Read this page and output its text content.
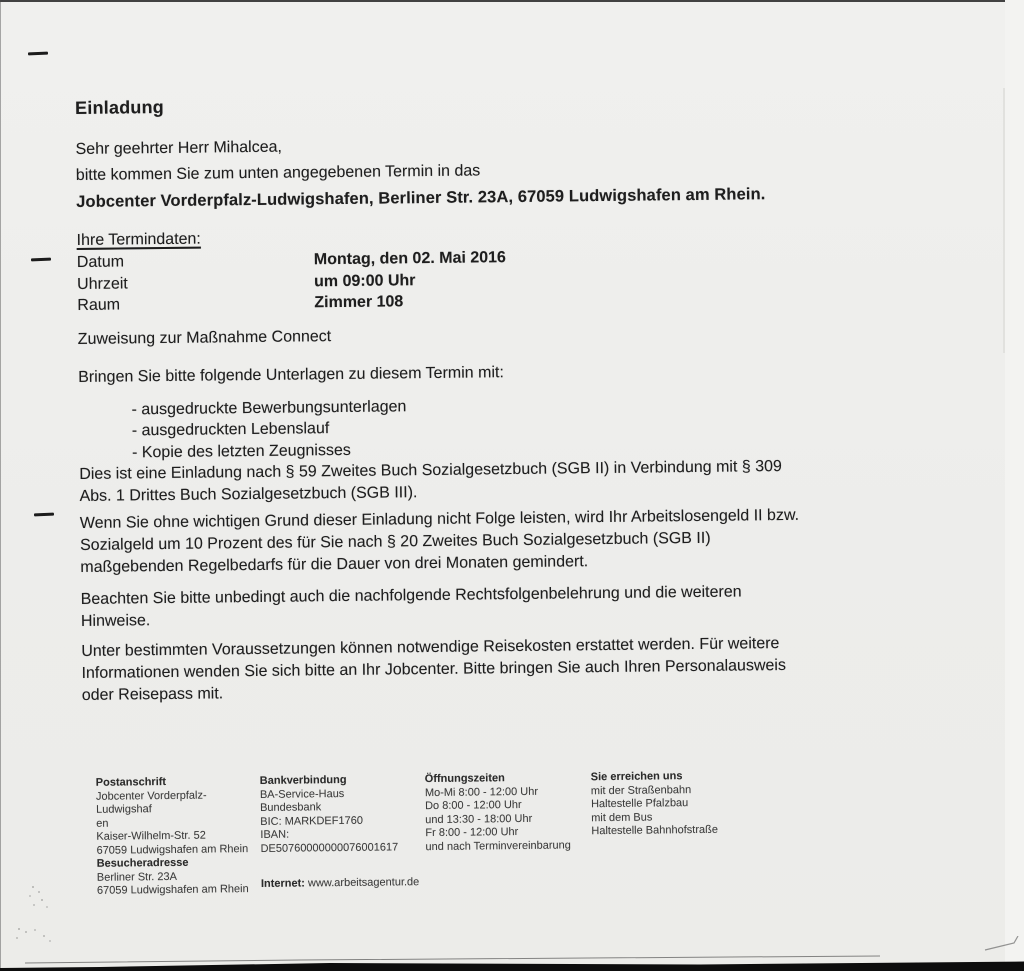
Einladung

Sehr geehrter Herr Mihalcea,

bitte kommen Sie zum unten angegebenen Termin in das

Jobcenter Vorderpfalz-Ludwigshafen, Berliner Str. 23A, 67059 Ludwigshafen am Rhein.

Ihre Termindaten:

Datum	Montag, den 02. Mai 2016
Uhrzeit	um 09:00 Uhr
Raum	Zimmer 108

Zuweisung zur Maßnahme Connect

Bringen Sie bitte folgende Unterlagen zu diesem Termin mit:

- ausgedruckte Bewerbungsunterlagen

- ausgedruckten Lebenslauf

- Kopie des letzten Zeugnisses

Dies ist eine Einladung nach § 59 Zweites Buch Sozialgesetzbuch (SGB II) in Verbindung mit § 309
Abs. 1 Drittes Buch Sozialgesetzbuch (SGB III).

Wenn Sie ohne wichtigen Grund dieser Einladung nicht Folge leisten, wird Ihr Arbeitslosengeld II bzw.
Sozialgeld um 10 Prozent des für Sie nach § 20 Zweites Buch Sozialgesetzbuch (SGB II)
maßgebenden Regelbedarfs für die Dauer von drei Monaten gemindert.

Beachten Sie bitte unbedingt auch die nachfolgende Rechtsfolgenbelehrung und die weiteren
Hinweise.

Unter bestimmten Voraussetzungen können notwendige Reisekosten erstattet werden. Für weitere
Informationen wenden Sie sich bitte an Ihr Jobcenter. Bitte bringen Sie auch Ihren Personalausweis
oder Reisepass mit.

Postanschrift
Jobcenter Vorderpfalz-Ludwigshaf
en
Kaiser-Wilhelm-Str. 52
67059 Ludwigshafen am Rhein
Besucheradresse
Berliner Str. 23A
67059 Ludwigshafen am Rhein
Bankverbindung
BA-Service-Haus
Bundesbank
BIC: MARKDEF1760
IBAN: DE50760000000076001617
Internet: www.arbeitsagentur.de
Öffnungszeiten
Mo-Mi 8:00 - 12:00 Uhr
Do 8:00 - 12:00 Uhr
und 13:30 - 18:00 Uhr
Fr 8:00 - 12:00 Uhr
und nach Terminvereinbarung
Sie erreichen uns
mit der Straßenbahn
Haltestelle Pfalzbau
mit dem Bus
Haltestelle Bahnhofstraße
